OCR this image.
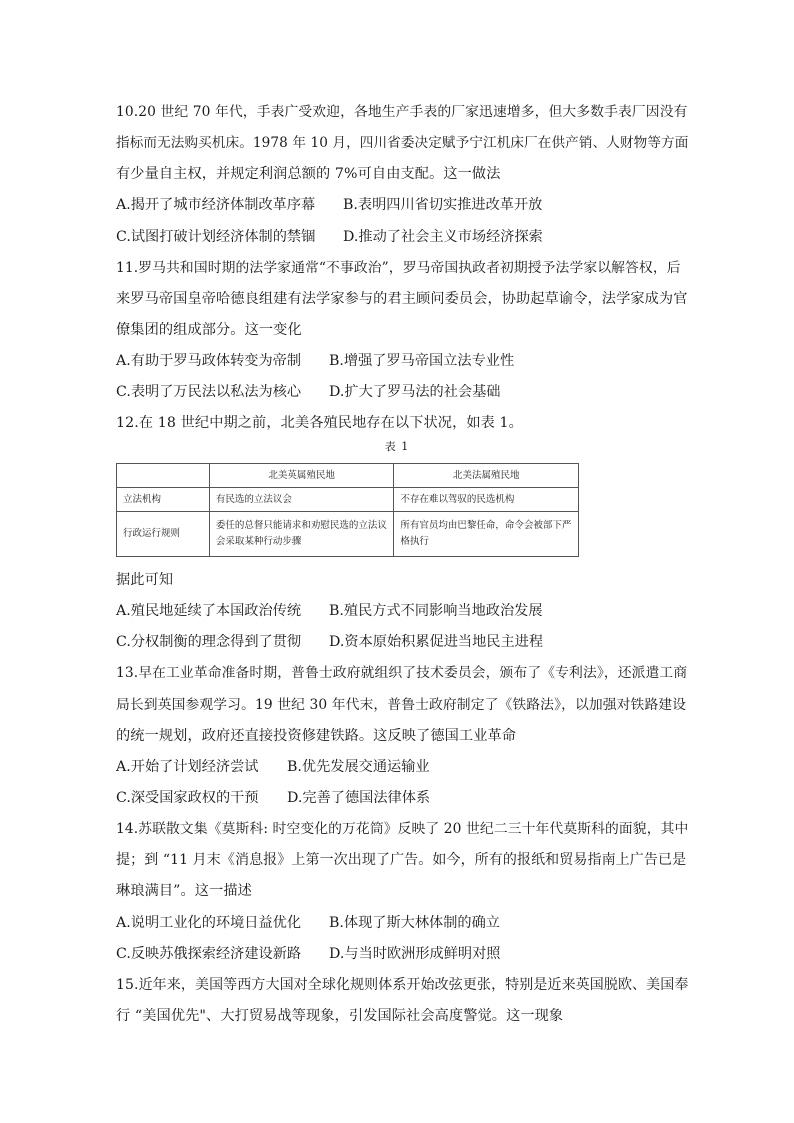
10.20 世纪 70 年代，手表广受欢迎，各地生产手表的厂家迅速增多，但大多数手表厂因没有
指标而无法购买机床。1978 年 10 月，四川省委决定赋予宁江机床厂在供产销、人财物等方面
有少量自主权，并规定利润总额的 7%可自由支配。这一做法
A.揭开了城市经济体制改革序幕 B.表明四川省切实推进改革开放
C.试图打破计划经济体制的禁锢 D.推动了社会主义市场经济探索
11.罗马共和国时期的法学家通常“不事政治”，罗马帝国执政者初期授予法学家以解答权，后
来罗马帝国皇帝哈德良组建有法学家参与的君主顾问委员会，协助起草谕令，法学家成为官
僚集团的组成部分。这一变化
A.有助于罗马政体转变为帝制 B.增强了罗马帝国立法专业性
C.表明了万民法以私法为核心 D.扩大了罗马法的社会基础
12.在 18 世纪中期之前，北美各殖民地存在以下状况，如表 1。
表 1
	北美英属殖民地	北美法属殖民地
立法机构	有民选的立法议会	不存在难以驾驭的民选机构
行政运行规则	委任的总督只能请求和劝慰民选的立法议会采取某种行动步骤	所有官员均由巴黎任命，命令会被部下严格执行
据此可知
A.殖民地延续了本国政治传统 B.殖民方式不同影响当地政治发展
C.分权制衡的理念得到了贯彻 D.资本原始积累促进当地民主进程
13.早在工业革命准备时期，普鲁士政府就组织了技术委员会，颁布了《专利法》，还派遣工商
局长到英国参观学习。19 世纪 30 年代末，普鲁士政府制定了《铁路法》，以加强对铁路建设
的统一规划，政府还直接投资修建铁路。这反映了德国工业革命
A.开始了计划经济尝试 B.优先发展交通运输业
C.深受国家政权的干预 D.完善了德国法律体系
14.苏联散文集《莫斯科: 时空变化的万花筒》反映了 20 世纪二三十年代莫斯科的面貌，其中
提；到 “11 月末《消息报》上第一次出现了广告。如今，所有的报纸和贸易指南上广告已是
琳琅满目”。这一描述
A.说明工业化的环境日益优化 B.体现了斯大林体制的确立
C.反映苏俄探索经济建设新路 D.与当时欧洲形成鲜明对照
15.近年来，美国等西方大国对全球化规则体系开始改弦更张，特别是近来英国脱欧、美国奉
行 “美国优先"、大打贸易战等现象，引发国际社会高度警觉。这一现象
